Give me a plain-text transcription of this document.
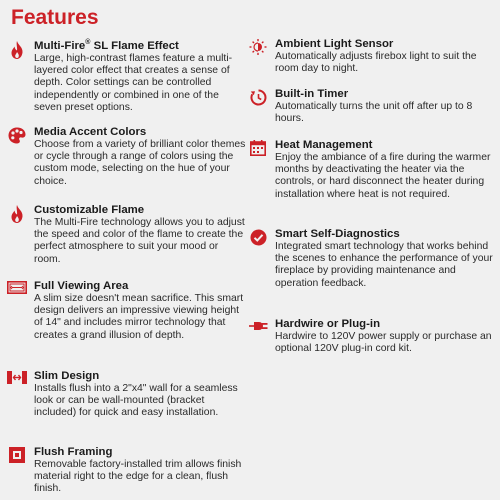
Features
Multi-Fire® SL Flame Effect

Large, high-contrast flames feature a multi-layered color effect that creates a sense of depth. Color settings can be controlled independently or combined in one of the seven preset options.

Media Accent Colors

Choose from a variety of brilliant color themes or cycle through a range of colors using the custom mode, selecting on the hue of your choice.

Customizable Flame

The Multi-Fire technology allows you to adjust the speed and color of the flame to create the perfect atmosphere to suit your mood or room.

Full Viewing Area

A slim size doesn't mean sacrifice. This smart design delivers an impressive viewing height of 14" and includes mirror technology that creates a grand illusion of depth.

Slim Design

Installs flush into a 2"x4" wall for a seamless look or can be wall-mounted (bracket included) for quick and easy installation.

Flush Framing

Removable factory-installed trim allows finish material right to the edge for a clean, flush finish.

Ambient Light Sensor

Automatically adjusts firebox light to suit the room day to night.

Built-in Timer

Automatically turns the unit off after up to 8 hours.

Heat Management

Enjoy the ambiance of a fire during the warmer months by deactivating the heater via the controls, or hard disconnect the heater during installation where heat is not required.

Smart Self-Diagnostics

Integrated smart technology that works behind the scenes to enhance the performance of your fireplace by providing maintenance and operation feedback.

Hardwire or Plug-in

Hardwire to 120V power supply or purchase an optional 120V plug-in cord kit.
